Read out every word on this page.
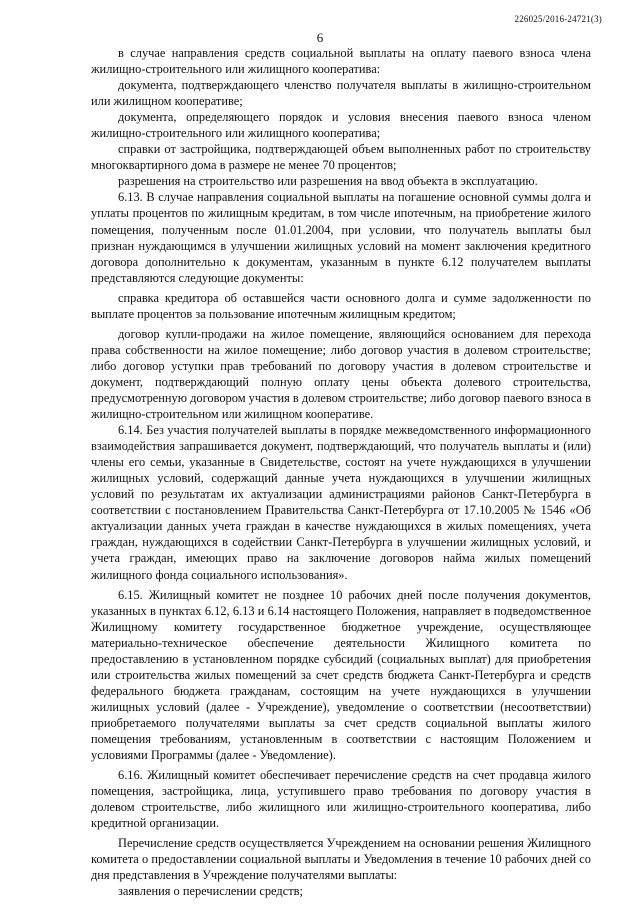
226025/2016-24721(3)
6

в случае направления средств социальной выплаты на оплату паевого взноса члена жилищно-строительного или жилищного кооператива:

документа, подтверждающего членство получателя выплаты в жилищно-строительном или жилищном кооперативе;

документа, определяющего порядок и условия внесения паевого взноса членом жилищно-строительного или жилищного кооператива;

справки от застройщика, подтверждающей объем выполненных работ по строительству многоквартирного дома в размере не менее 70 процентов;

разрешения на строительство или разрешения на ввод объекта в эксплуатацию.

6.13. В случае направления социальной выплаты на погашение основной суммы долга и уплаты процентов по жилищным кредитам, в том числе ипотечным, на приобретение жилого помещения, полученным после 01.01.2004, при условии, что получатель выплаты был признан нуждающимся в улучшении жилищных условий на момент заключения кредитного договора дополнительно к документам, указанным в пункте 6.12 получателем выплаты представляются следующие документы:

справка кредитора об оставшейся части основного долга и сумме задолженности по выплате процентов за пользование ипотечным жилищным кредитом;

договор купли-продажи на жилое помещение, являющийся основанием для перехода права собственности на жилое помещение; либо договор участия в долевом строительстве; либо договор уступки прав требований по договору участия в долевом строительстве и документ, подтверждающий полную оплату цены объекта долевого строительства, предусмотренную договором участия в долевом строительстве; либо договор паевого взноса в жилищно-строительном или жилищном кооперативе.

6.14. Без участия получателей выплаты в порядке межведомственного информационного взаимодействия запрашивается документ, подтверждающий, что получатель выплаты и (или) члены его семьи, указанные в Свидетельстве, состоят на учете нуждающихся в улучшении жилищных условий, содержащий данные учета нуждающихся в улучшении жилищных условий по результатам их актуализации администрациями районов Санкт-Петербурга в соответствии с постановлением Правительства Санкт-Петербурга от 17.10.2005 № 1546 «Об актуализации данных учета граждан в качестве нуждающихся в жилых помещениях, учета граждан, нуждающихся в содействии Санкт-Петербурга в улучшении жилищных условий, и учета граждан, имеющих право на заключение договоров найма жилых помещений жилищного фонда социального использования».

6.15. Жилищный комитет не позднее 10 рабочих дней после получения документов, указанных в пунктах 6.12, 6.13 и 6.14 настоящего Положения, направляет в подведомственное Жилищному комитету государственное бюджетное учреждение, осуществляющее материально-техническое обеспечение деятельности Жилищного комитета по предоставлению в установленном порядке субсидий (социальных выплат) для приобретения или строительства жилых помещений за счет средств бюджета Санкт-Петербурга и средств федерального бюджета гражданам, состоящим на учете нуждающихся в улучшении жилищных условий (далее - Учреждение), уведомление о соответствии (несоответствии) приобретаемого получателями выплаты за счет средств социальной выплаты жилого помещения требованиям, установленным в соответствии с настоящим Положением и условиями Программы (далее - Уведомление).

6.16. Жилищный комитет обеспечивает перечисление средств на счет продавца жилого помещения, застройщика, лица, уступившего право требования по договору участия в долевом строительстве, либо жилищного или жилищно-строительного кооператива, либо кредитной организации.

Перечисление средств осуществляется Учреждением на основании решения Жилищного комитета о предоставлении социальной выплаты и Уведомления в течение 10 рабочих дней со дня представления в Учреждение получателями выплаты:

заявления о перечислении средств;
